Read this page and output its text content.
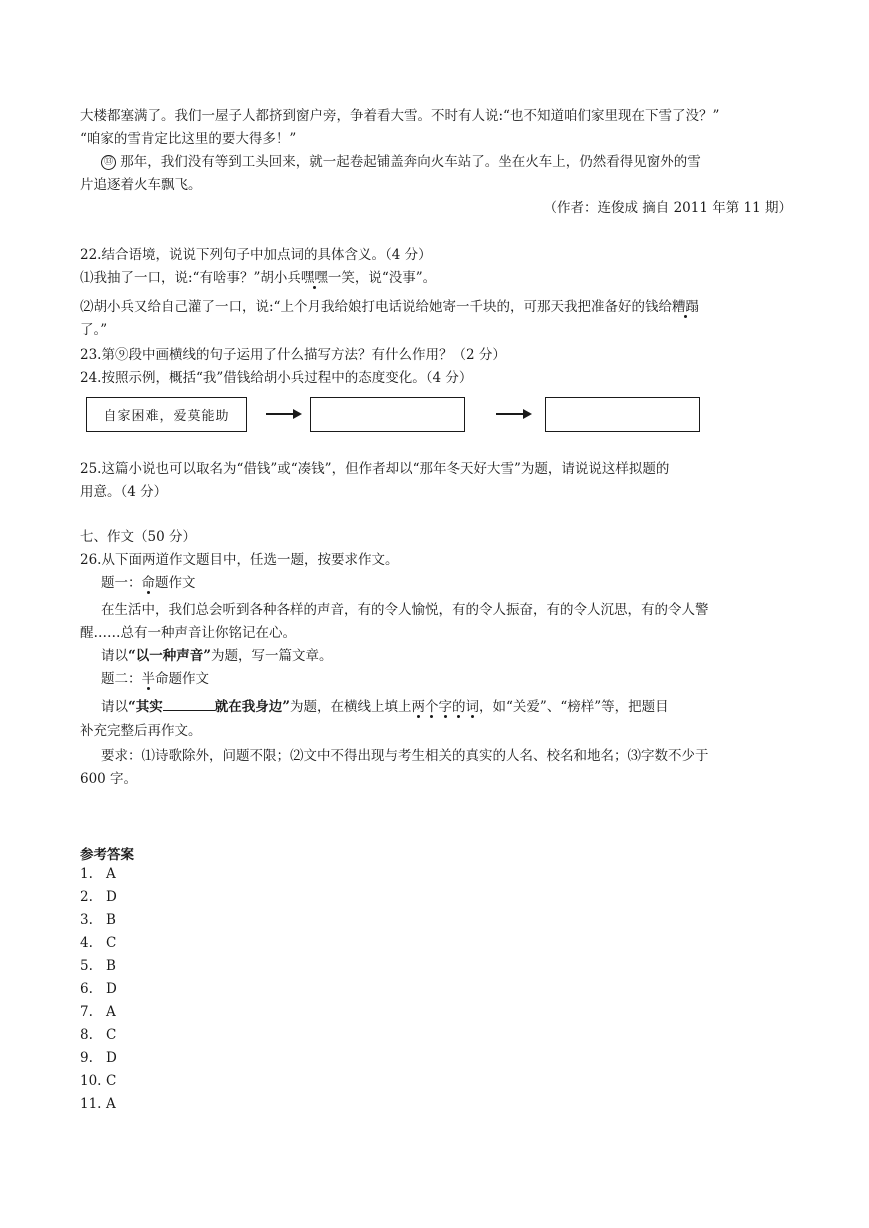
大楼都塞满了。我们一屋子人都挤到窗户旁，争着看大雪。不时有人说:“也不知道咱们家里现在下雪了没？”
“咱家的雪肯定比这里的要大得多！”
⑬ 那年，我们没有等到工头回来，就一起卷起铺盖奔向火车站了。坐在火车上，仍然看得见窗外的雪
片追逐着火车飘飞。
（作者：连俊成 摘自 2011 年第 11 期）
22.结合语境，说说下列句子中加点词的具体含义。（4 分）
⑴我抽了一口，说:“有啥事？”胡小兵嘿嘿一笑，说“没事”。
⑵胡小兵又给自己灌了一口，说:“上个月我给娘打电话说给她寄一千块的，可那天我把准备好的钱给糟蹋
了。”
23.第⑨段中画横线的句子运用了什么描写方法？有什么作用？（2 分）
24.按照示例，概括“我”借钱给胡小兵过程中的态度变化。（4 分）
自家困难，爱莫能助
25.这篇小说也可以取名为“借钱”或“凑钱”，但作者却以“那年冬天好大雪”为题，请说说这样拟题的
用意。（4 分）
七、作文（50 分）
26.从下面两道作文题目中，任选一题，按要求作文。
题一：命题作文
在生活中，我们总会听到各种各样的声音，有的令人愉悦，有的令人振奋，有的令人沉思，有的令人警
醒……总有一种声音让你铭记在心。
请以“以一种声音”为题，写一篇文章。
题二：半命题作文
请以“其实	就在我身边”为题，在横线上填上两个字的词，如“关爱”、“榜样”等，把题目
补充完整后再作文。
要求：⑴诗歌除外，问题不限；⑵文中不得出现与考生相关的真实的人名、校名和地名；⑶字数不少于
600 字。
参考答案
1. A
2. D
3. B
4. C
5. B
6. D
7. A
8. C
9. D
10. C
11. A
